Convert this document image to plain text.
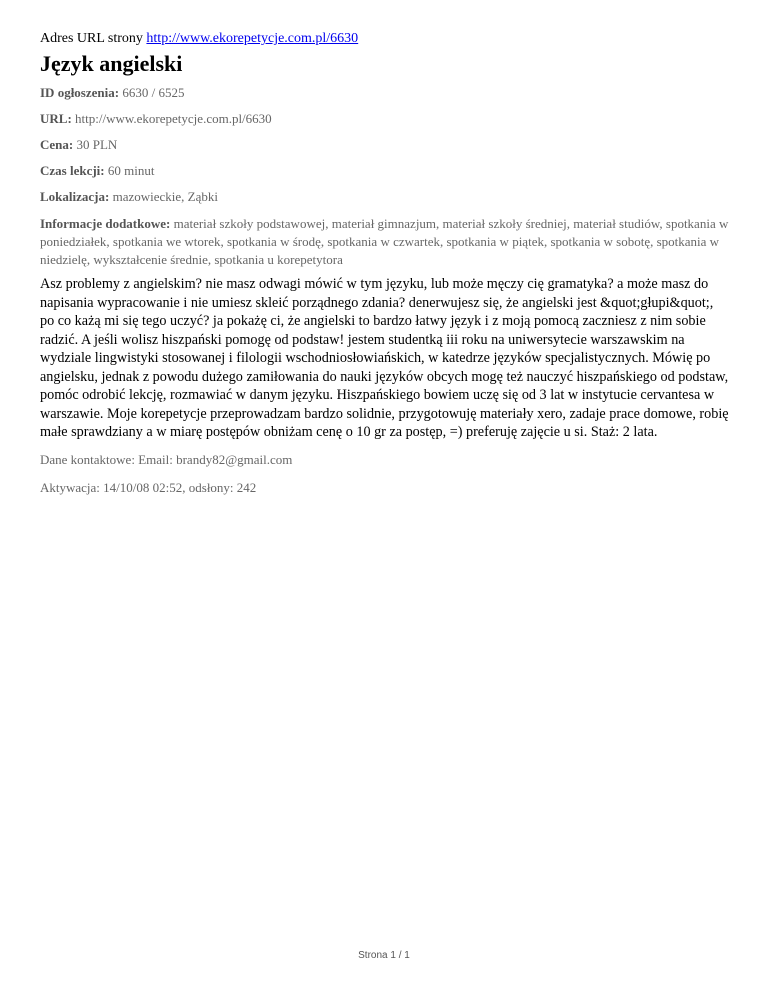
Adres URL strony http://www.ekorepetycje.com.pl/6630

Język angielski

ID ogłoszenia: 6630 / 6525

URL: http://www.ekorepetycje.com.pl/6630

Cena: 30 PLN

Czas lekcji: 60 minut

Lokalizacja: mazowieckie, Ząbki

Informacje dodatkowe: materiał szkoły podstawowej, materiał gimnazjum, materiał szkoły średniej, materiał studiów, spotkania w poniedziałek, spotkania we wtorek, spotkania w środę, spotkania w czwartek, spotkania w piątek, spotkania w sobotę, spotkania w niedzielę, wykształcenie średnie, spotkania u korepetytora

Asz problemy z angielskim? nie masz odwagi mówić w tym języku, lub może męczy cię gramatyka? a może masz do napisania wypracowanie i nie umiesz skleić porządnego zdania? denerwujesz się, że angielski jest &quot;głupi&quot;, po co każą mi się tego uczyć? ja pokażę ci, że angielski to bardzo łatwy język i z moją pomocą zaczniesz z nim sobie radzić. A jeśli wolisz hiszpański pomogę od podstaw! jestem studentką iii roku na uniwersytecie warszawskim na wydziale lingwistyki stosowanej i filologii wschodniosłowiańskich, w katedrze języków specjalistycznych. Mówię po angielsku, jednak z powodu dużego zamiłowania do nauki języków obcych mogę też nauczyć hiszpańskiego od podstaw, pomóc odrobić lekcję, rozmawiać w danym języku. Hiszpańskiego bowiem uczę się od 3 lat w instytucie cervantesa w warszawie. Moje korepetycje przeprowadzam bardzo solidnie, przygotowuję materiały xero, zadaje prace domowe, robię małe sprawdziany a w miarę postępów obniżam cenę o 10 gr za postęp, =) preferuję zajęcie u si. Staż: 2 lata.

Dane kontaktowe: Email: brandy82@gmail.com

Aktywacja: 14/10/08 02:52, odsłony: 242

Strona 1 / 1
